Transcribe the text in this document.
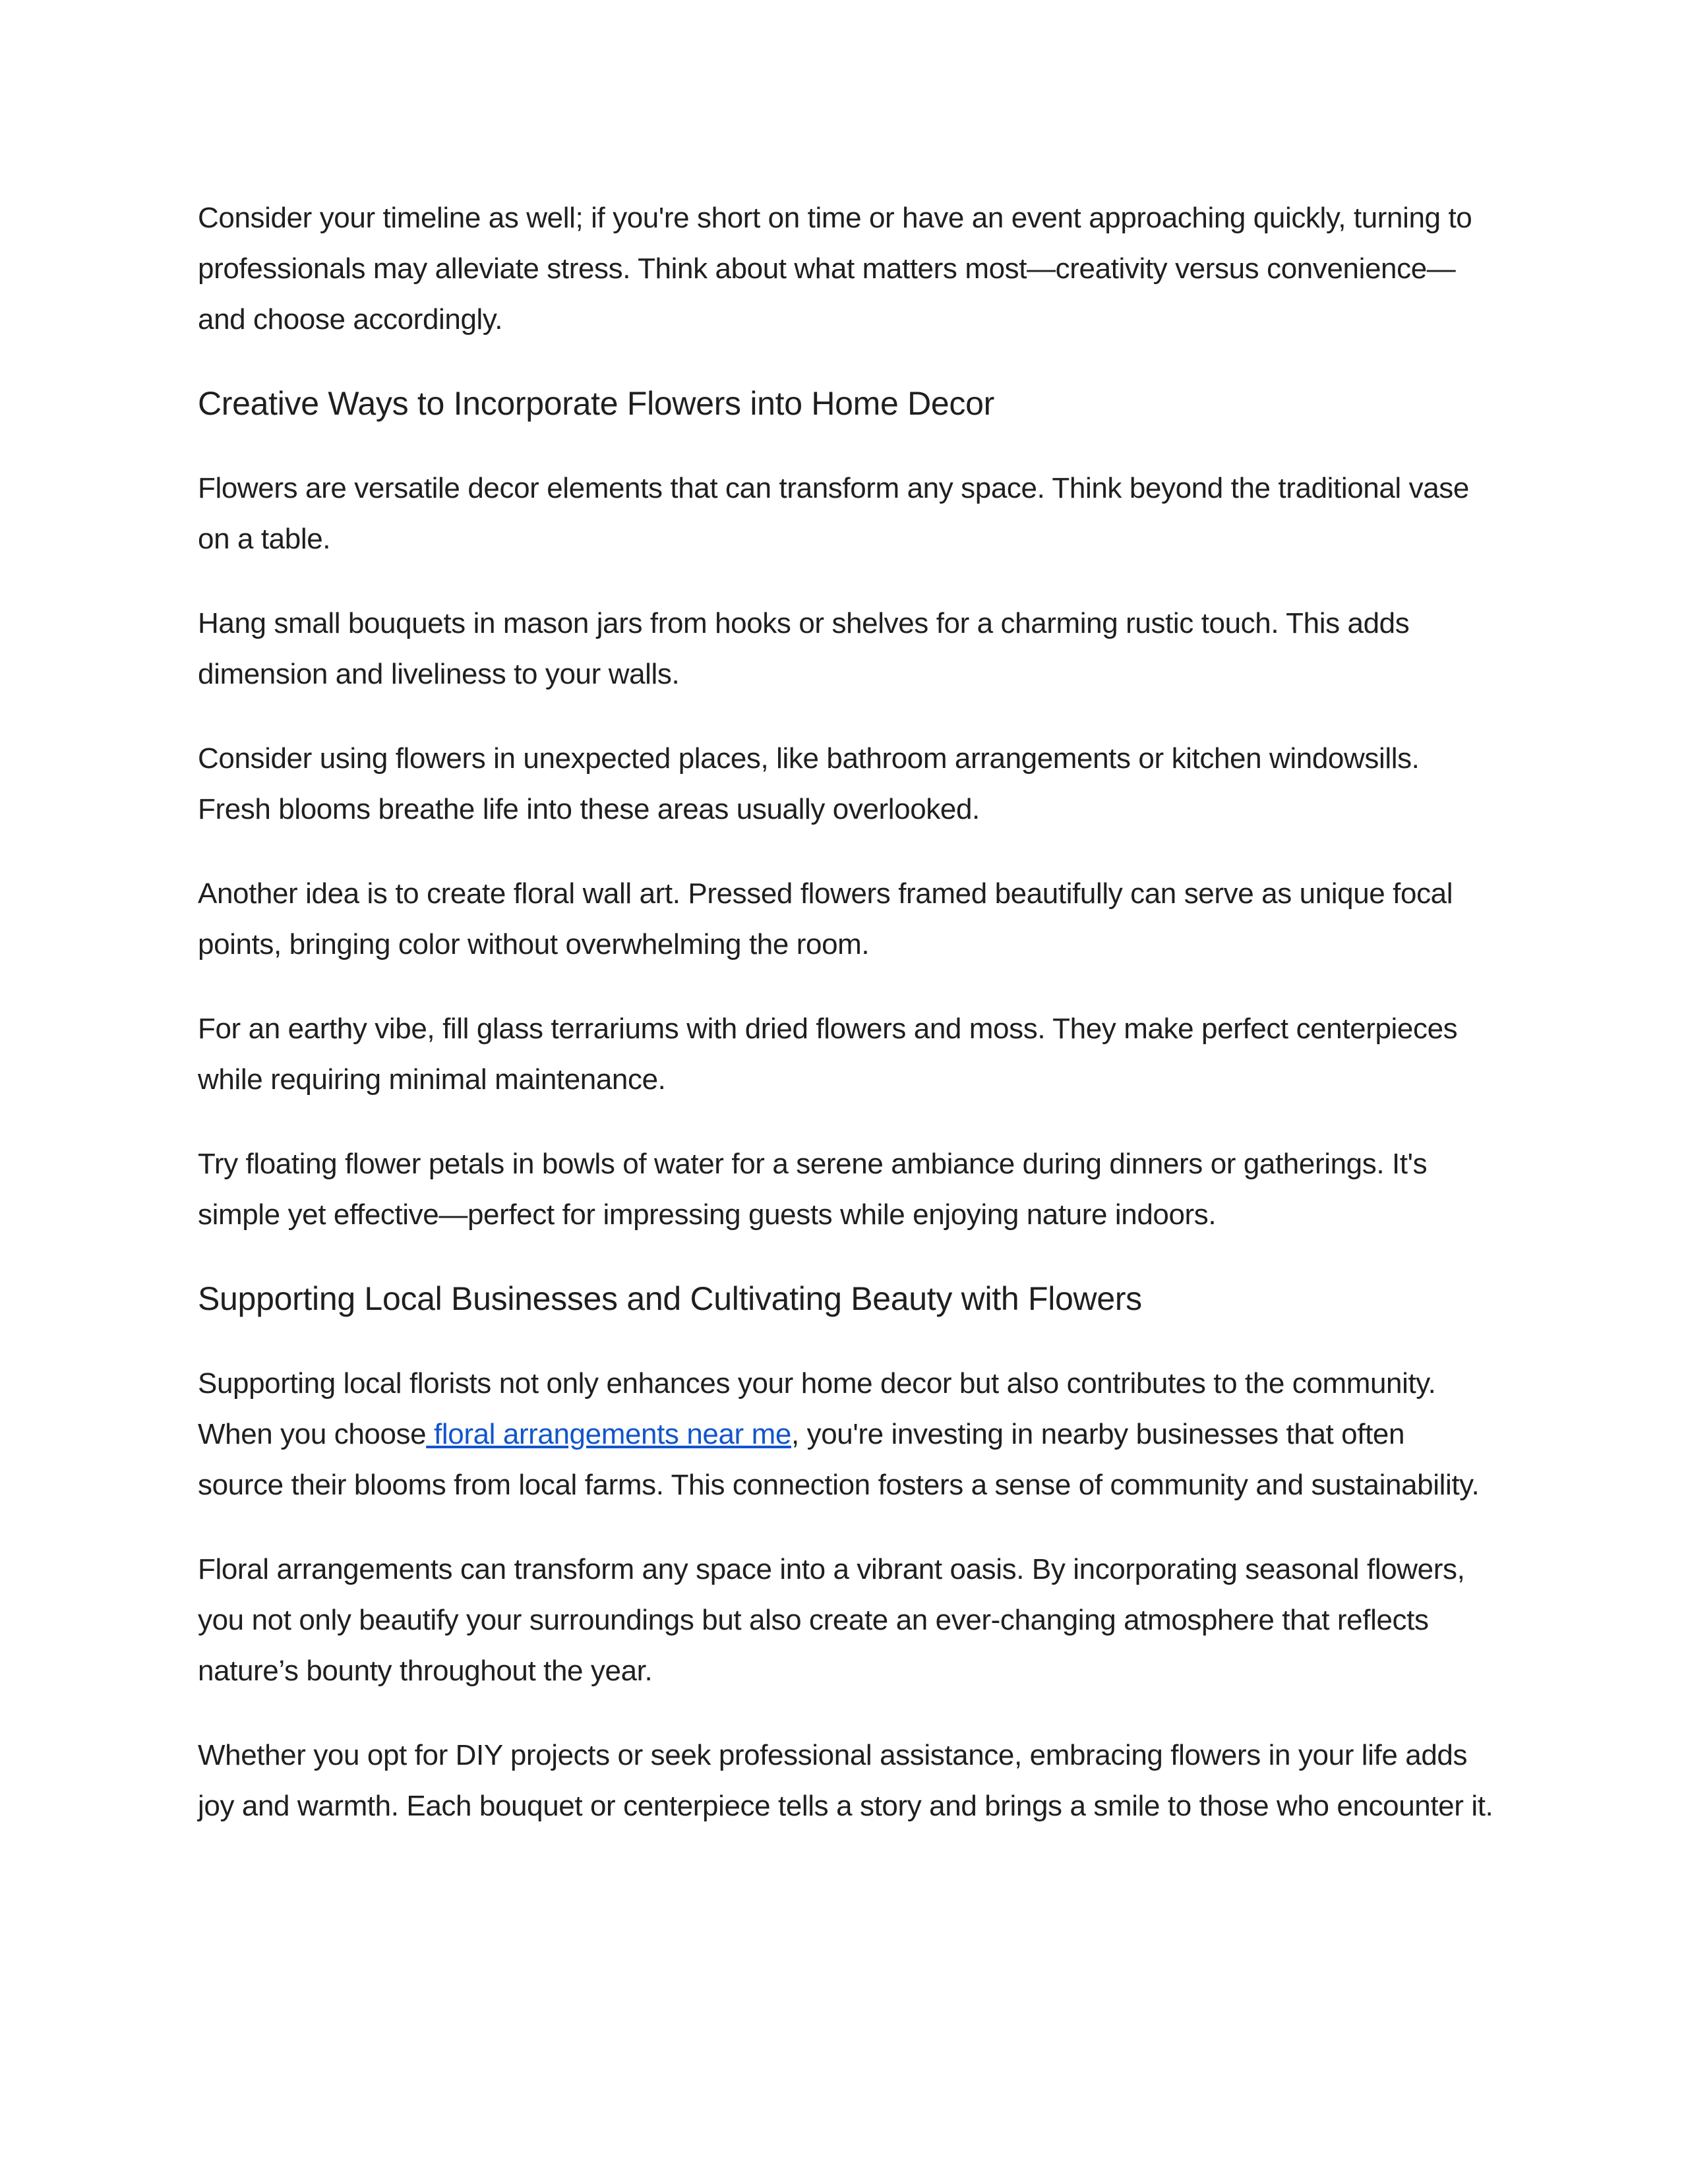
Consider your timeline as well; if you're short on time or have an event approaching quickly, turning to professionals may alleviate stress. Think about what matters most—creativity versus convenience—and choose accordingly.

Creative Ways to Incorporate Flowers into Home Decor

Flowers are versatile decor elements that can transform any space. Think beyond the traditional vase on a table.

Hang small bouquets in mason jars from hooks or shelves for a charming rustic touch. This adds dimension and liveliness to your walls.

Consider using flowers in unexpected places, like bathroom arrangements or kitchen windowsills. Fresh blooms breathe life into these areas usually overlooked.

Another idea is to create floral wall art. Pressed flowers framed beautifully can serve as unique focal points, bringing color without overwhelming the room.

For an earthy vibe, fill glass terrariums with dried flowers and moss. They make perfect centerpieces while requiring minimal maintenance.

Try floating flower petals in bowls of water for a serene ambiance during dinners or gatherings. It's simple yet effective—perfect for impressing guests while enjoying nature indoors.

Supporting Local Businesses and Cultivating Beauty with Flowers

Supporting local florists not only enhances your home decor but also contributes to the community. When you choose floral arrangements near me, you're investing in nearby businesses that often source their blooms from local farms. This connection fosters a sense of community and sustainability.

Floral arrangements can transform any space into a vibrant oasis. By incorporating seasonal flowers, you not only beautify your surroundings but also create an ever-changing atmosphere that reflects nature’s bounty throughout the year.

Whether you opt for DIY projects or seek professional assistance, embracing flowers in your life adds joy and warmth. Each bouquet or centerpiece tells a story and brings a smile to those who encounter it.
